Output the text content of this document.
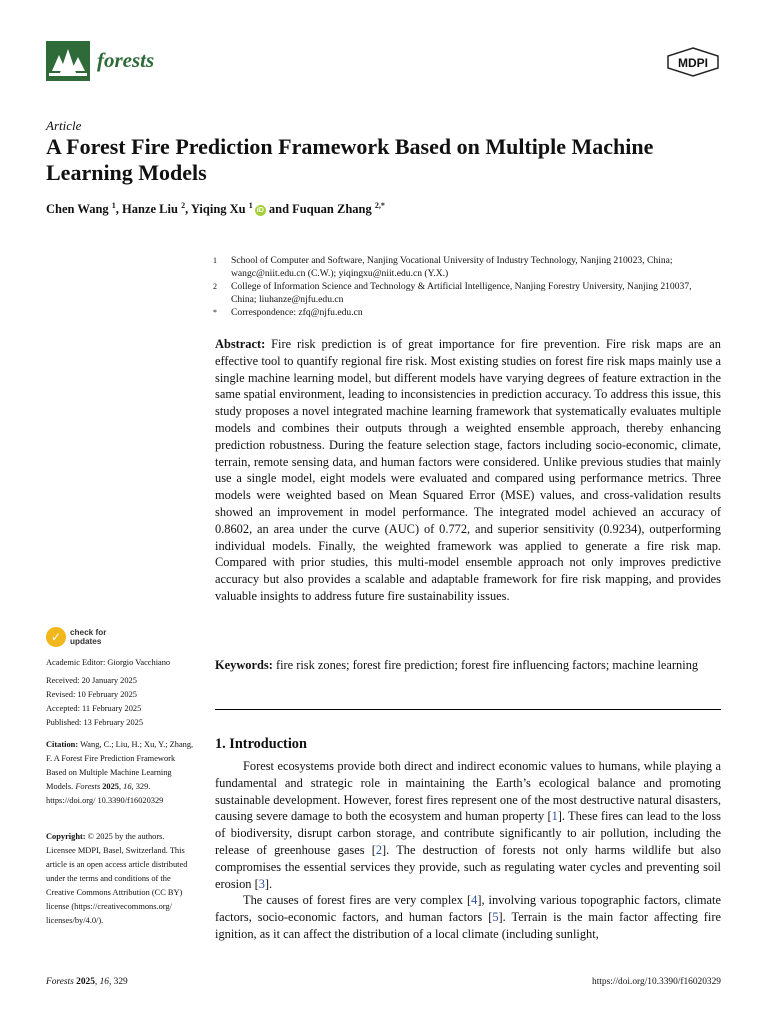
forests	MDPI
Article
A Forest Fire Prediction Framework Based on Multiple Machine Learning Models
Chen Wang $^1$, Hanze Liu $^2$, Yiqing Xu $^1$iD and Fuquan Zhang $^{2,*}$
1	School of Computer and Software, Nanjing Vocational University of Industry Technology, Nanjing 210023, China; wangc@niit.edu.cn (C.W.); yiqingxu@niit.edu.cn (Y.X.)
2	College of Information Science and Technology & Artificial Intelligence, Nanjing Forestry University, Nanjing 210037, China; liuhanze@njfu.edu.cn
*	Correspondence: zfq@njfu.edu.cn
Abstract: Fire risk prediction is of great importance for fire prevention. Fire risk maps are an effective tool to quantify regional fire risk. Most existing studies on forest fire risk maps mainly use a single machine learning model, but different models have varying degrees of feature extraction in the same spatial environment, leading to inconsistencies in prediction accuracy. To address this issue, this study proposes a novel integrated machine learning framework that systematically evaluates multiple models and combines their outputs through a weighted ensemble approach, thereby enhancing prediction robustness. During the feature selection stage, factors including socio-economic, climate, terrain, remote sensing data, and human factors were considered. Unlike previous studies that mainly use a single model, eight models were evaluated and compared using performance metrics. Three models were weighted based on Mean Squared Error (MSE) values, and cross-validation results showed an improvement in model performance. The integrated model achieved an accuracy of 0.8602, an area under the curve (AUC) of 0.772, and superior sensitivity (0.9234), outperforming individual models. Finally, the weighted framework was applied to generate a fire risk map. Compared with prior studies, this multi-model ensemble approach not only improves predictive accuracy but also provides a scalable and adaptable framework for fire risk mapping, and provides valuable insights to address future fire sustainability issues.
Keywords: fire risk zones; forest fire prediction; forest fire influencing factors; machine learning
✓	check for
updates
Academic Editor: Giorgio Vacchiano
Received: 20 January 2025
Revised: 10 February 2025
Accepted: 11 February 2025
Published: 13 February 2025
Citation: Wang, C.; Liu, H.; Xu, Y.; Zhang, F. A Forest Fire Prediction Framework Based on Multiple Machine Learning Models. Forests 2025, 16, 329. https://doi.org/ 10.3390/f16020329
Copyright: © 2025 by the authors. Licensee MDPI, Basel, Switzerland. This article is an open access article distributed under the terms and conditions of the Creative Commons Attribution (CC BY) license (https://creativecommons.org/ licenses/by/4.0/).
1. Introduction

Forest ecosystems provide both direct and indirect economic values to humans, while playing a fundamental and strategic role in maintaining the Earth’s ecological balance and promoting sustainable development. However, forest fires represent one of the most destructive natural disasters, causing severe damage to both the ecosystem and human property [1]. These fires can lead to the loss of biodiversity, disrupt carbon storage, and contribute significantly to air pollution, including the release of greenhouse gases [2]. The destruction of forests not only harms wildlife but also compromises the essential services they provide, such as regulating water cycles and preventing soil erosion [3].

The causes of forest fires are very complex [4], involving various topographic factors, climate factors, socio-economic factors, and human factors [5]. Terrain is the main factor affecting fire ignition, as it can affect the distribution of a local climate (including sunlight,

Forests 2025, 16, 329	https://doi.org/10.3390/f16020329
